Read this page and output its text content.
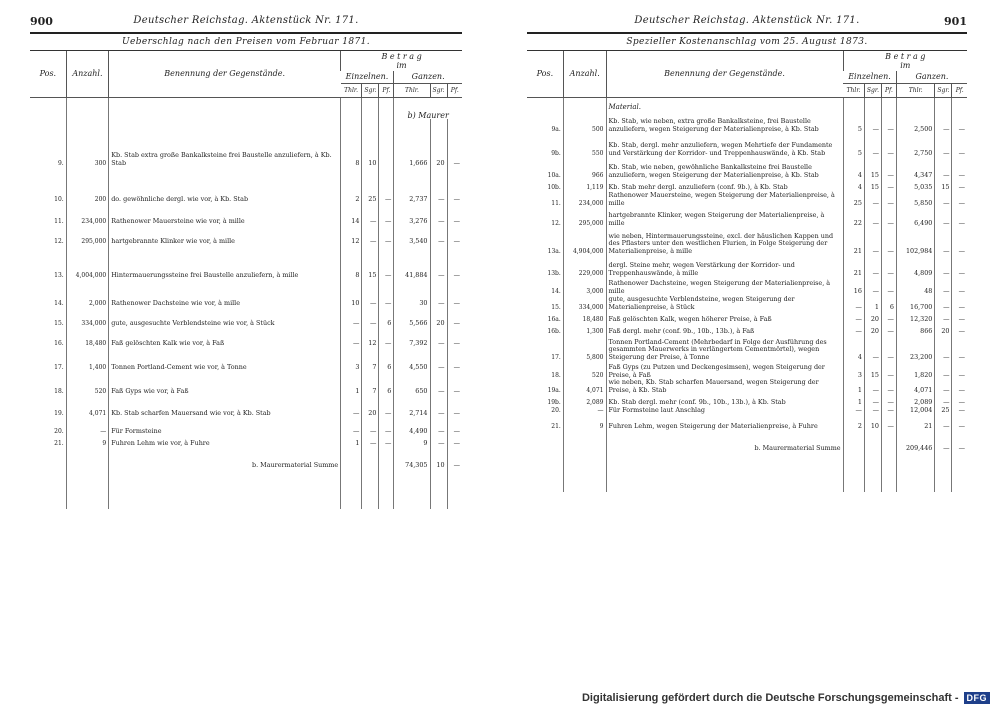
900	Deutscher Reichstag. Aktenstück Nr. 171.
Ueberschlag nach den Preisen vom Februar 1871.
Pos.	Anzahl.	Benennung der Gegenstände.	B e t r a g
im					
			Einzelnen.			Ganzen.		
			Thlr.	Sgr.	Pf.	Thlr.	Sgr.	Pf.
						b) Maurer		
9.	300	Kb. Stab extra große Bankalksteine frei Baustelle anzuliefern, à Kb. Stab	8	10		1,666	20	—
10.	200	do. gewöhnliche dergl. wie vor, à Kb. Stab	2	25	—	2,737	—	—
11.	234,000	Rathenower Mauersteine wie vor, à mille	14	—	—	3,276	—	—
12.	295,000	hartgebrannte Klinker wie vor, à mille	12	—	—	3,540	—	—
13.	4,004,000	Hintermauerungssteine frei Baustelle anzuliefern, à mille	8	15	—	41,884	—	—
14.	2,000	Rathenower Dachsteine wie vor, à mille	10	—	—	30	—	—
15.	334,000	gute, ausgesuchte Verblendsteine wie vor, à Stück	—	—	6	5,566	20	—
16.	18,480	Faß gelöschten Kalk wie vor, à Faß	—	12	—	7,392	—	—
17.	1,400	Tonnen Portland-Cement wie vor, à Tonne	3	7	6	4,550	—	—
18.	520	Faß Gyps wie vor, à Faß	1	7	6	650	—	—
19.	4,071	Kb. Stab scharfen Mauersand wie vor, à Kb. Stab	—	20	—	2,714	—	—
20.	—	Für Formsteine	—	—	—	4,490	—	—
21.	9	Fuhren Lehm wie vor, à Fuhre	1	—	—	9	—	—
		b. Maurermaterial Summe				74,305	10	—

901
Deutscher Reichstag. Aktenstück Nr. 171.
Spezieller Kostenanschlag vom 25. August 1873.
Pos.	Anzahl.	Benennung der Gegenstände.	B e t r a g
im					
			Einzelnen.			Ganzen.		
			Thlr.	Sgr.	Pf.	Thlr.	Sgr.	Pf.
		Material.						
9a.	500	Kb. Stab, wie neben, extra große Bankalksteine, frei Baustelle anzuliefern, wegen Steigerung der Materialienpreise, à Kb. Stab	5	—	—	2,500	—	—
9b.	550	Kb. Stab, dergl. mehr anzuliefern, wegen Mehrtiefe der Fundamente und Verstärkung der Korridor- und Treppenhauswände, à Kb. Stab	5	—	—	2,750	—	—
10a.	966	Kb. Stab, wie neben, gewöhnliche Bankalksteine frei Baustelle anzuliefern, wegen Steigerung der Materialienpreise, à Kb. Stab	4	15	—	4,347	—	—
10b.	1,119	Kb. Stab mehr dergl. anzuliefern (conf. 9b.), à Kb. Stab	4	15	—	5,035	15	—
11.	234,000	Rathenower Mauersteine, wegen Steigerung der Materialienpreise, à mille	25	—	—	5,850	—	—
12.	295,000	hartgebrannte Klinker, wegen Steigerung der Materialienpreise, à mille	22	—	—	6,490	—	—
13a.	4,904,000	wie neben, Hintermauerungssteine, excl. der häuslichen Kappen und des Pflasters unter den westlichen Flurien, in Folge Steigerung der Materialienpreise, à mille	21	—	—	102,984	—	—
13b.	229,000	dergl. Steine mehr, wegen Verstärkung der Korridor- und Treppenhauswände, à mille	21	—	—	4,809	—	—
14.	3,000	Rathenower Dachsteine, wegen Steigerung der Materialienpreise, à mille	16	—	—	48	—	—
15.	334,000	gute, ausgesuchte Verblendsteine, wegen Steigerung der Materialienpreise, à Stück	—	1	6	16,700	—	—
16a.	18,480	Faß gelöschten Kalk, wegen höherer Preise, à Faß	—	20	—	12,320	—	—
16b.	1,300	Faß dergl. mehr (conf. 9b., 10b., 13b.), à Faß	—	20	—	866	20	—
17.	5,800	Tonnen Portland-Cement (Mehrbedarf in Folge der Ausführung des gesammten Mauerwerks in verlängertem Cementmörtel), wegen Steigerung der Preise, à Tonne	4	—	—	23,200	—	—
18.	520	Faß Gyps (zu Putzen und Deckengesimsen), wegen Steigerung der Preise, à Faß	3	15	—	1,820	—	—
19a.	4,071	wie neben, Kb. Stab scharfen Mauersand, wegen Steigerung der Preise, à Kb. Stab	1	—	—	4,071	—	—
19b.	2,089	Kb. Stab dergl. mehr (conf. 9b., 10b., 13b.), à Kb. Stab	1	—	—	2,089	—	—
20.	—	Für Formsteine laut Anschlag	—	—	—	12,004	25	—
21.	9	Fuhren Lehm, wegen Steigerung der Materialienpreise, à Fuhre	2	10	—	21	—	—
		b. Maurermaterial Summe				209,446	—	—

Digitalisierung gefördert durch die Deutsche Forschungsgemeinschaft - DFG
